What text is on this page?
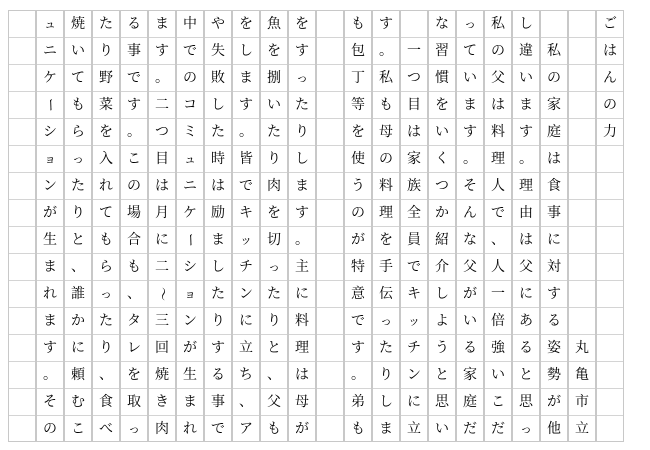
ご
は
ん
の
力
丸
亀
市
立
私
の
家
庭
は
食
事
に
対
す
る
姿
勢
が
他
し
違
い
ま
す
。
理
由
は
父
に
あ
る
と
思
っ
私
の
父
は
料
理
人
で
、
人
一
倍
強
い
こ
だ
っ
て
い
ま
す
。
そ
ん
な
父
が
い
る
家
庭
だ
な
習
慣
を
い
く
つ
か
紹
介
し
よ
う
と
思
い
一
つ
目
は
家
族
全
員
で
キ
ッ
チ
ン
に
立
す
。
私
も
母
の
料
理
を
手
伝
っ
た
り
し
ま
も
包
丁
等
を
使
う
の
が
特
意
で
す
。
弟
も
を
す
っ
た
り
し
ま
す
。
主
に
料
理
は
母
が
魚
を
捌
い
た
り
肉
を
切
っ
た
り
と
、
父
も
を
し
ま
す
。
皆
で
キ
ッ
チ
ン
に
立
ち
、
ア
や
失
敗
し
た
時
は
励
ま
し
た
り
す
る
事
で
中
で
の
コ
ミ
ュ
ニ
ケ
ー
シ
ョ
ン
が
生
ま
れ
ま
す
。
二
つ
目
は
月
に
二
～
三
回
焼
き
肉
る
事
で
す
。
こ
の
場
合
も
、
タ
レ
を
取
っ
た
り
野
菜
を
入
れ
て
も
ら
っ
た
り
、
食
べ
焼
い
て
も
ら
っ
た
り
と
、
誰
か
に
頼
む
こ
ュ
ニ
ケ
ー
シ
ョ
ン
が
生
ま
れ
ま
す
。
そ
の
